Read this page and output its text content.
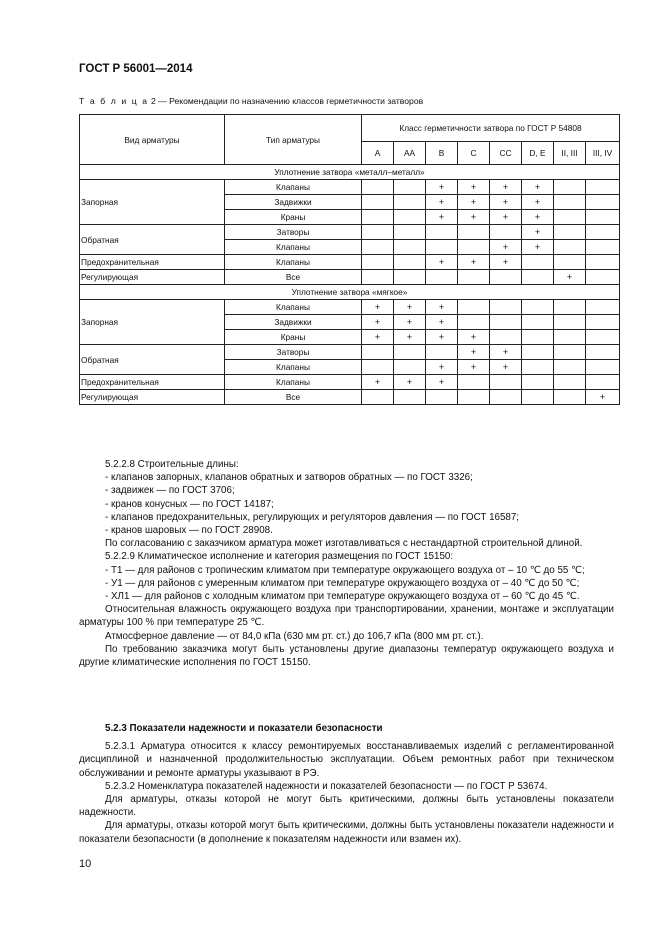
ГОСТ Р 56001—2014
Т а б л и ц а 2 — Рекомендации по назначению классов герметичности затворов
Вид арматуры	Тип арматуры	Класс герметичности затвора по ГОСТ Р 54808							
		А	АА	В	С	СС	D, E	II, III	III, IV
Уплотнение затвора «металл–металл»									
Запорная	Клапаны			+	+	+	+		
	Задвижки			+	+	+	+		
	Краны			+	+	+	+		
Обратная	Затворы						+		
	Клапаны					+	+		
Предохранительная	Клапаны			+	+	+			
Регулирующая	Все							+	
Уплотнение затвора «мягкое»									
Запорная	Клапаны	+	+	+					
	Задвижки	+	+	+					
	Краны	+	+	+	+				
Обратная	Затворы				+	+			
	Клапаны			+	+	+			
Предохранительная	Клапаны	+	+	+					
Регулирующая	Все								+

5.2.2.8 Строительные длины:

- клапанов запорных, клапанов обратных и затворов обратных — по ГОСТ 3326;

- задвижек — по ГОСТ 3706;

- кранов конусных — по ГОСТ 14187;

- клапанов предохранительных, регулирующих и регуляторов давления — по ГОСТ 16587;

- кранов шаровых — по ГОСТ 28908.

По согласованию с заказчиком арматура может изготавливаться с нестандартной строительной длиной.

5.2.2.9 Климатическое исполнение и категория размещения по ГОСТ 15150:

- Т1 — для районов с тропическим климатом при температуре окружающего воздуха от – 10 ℃ до 55 ℃;

- У1 — для районов с умеренным климатом при температуре окружающего воздуха от – 40 ℃ до 50 ℃;

- ХЛ1 — для районов с холодным климатом при температуре окружающего воздуха от – 60 ℃ до 45 ℃.

Относительная влажность окружающего воздуха при транспортировании, хранении, монтаже и эксплуатации арматуры 100 % при температуре 25 ℃.

Атмосферное давление — от 84,0 кПа (630 мм рт. ст.) до 106,7 кПа (800 мм рт. ст.).

По требованию заказчика могут быть установлены другие диапазоны температур окружающего воздуха и другие климатические исполнения по ГОСТ 15150.

5.2.3 Показатели надежности и показатели безопасности

5.2.3.1 Арматура относится к классу ремонтируемых восстанавливаемых изделий с регламентированной дисциплиной и назначенной продолжительностью эксплуатации. Объем ремонтных работ при техническом обслуживании и ремонте арматуры указывают в РЭ.

5.2.3.2 Номенклатура показателей надежности и показателей безопасности — по ГОСТ Р 53674.

Для арматуры, отказы которой не могут быть критическими, должны быть установлены показатели надежности.

Для арматуры, отказы которой могут быть критическими, должны быть установлены показатели надежности и показатели безопасности (в дополнение к показателям надежности или взамен их).

10
